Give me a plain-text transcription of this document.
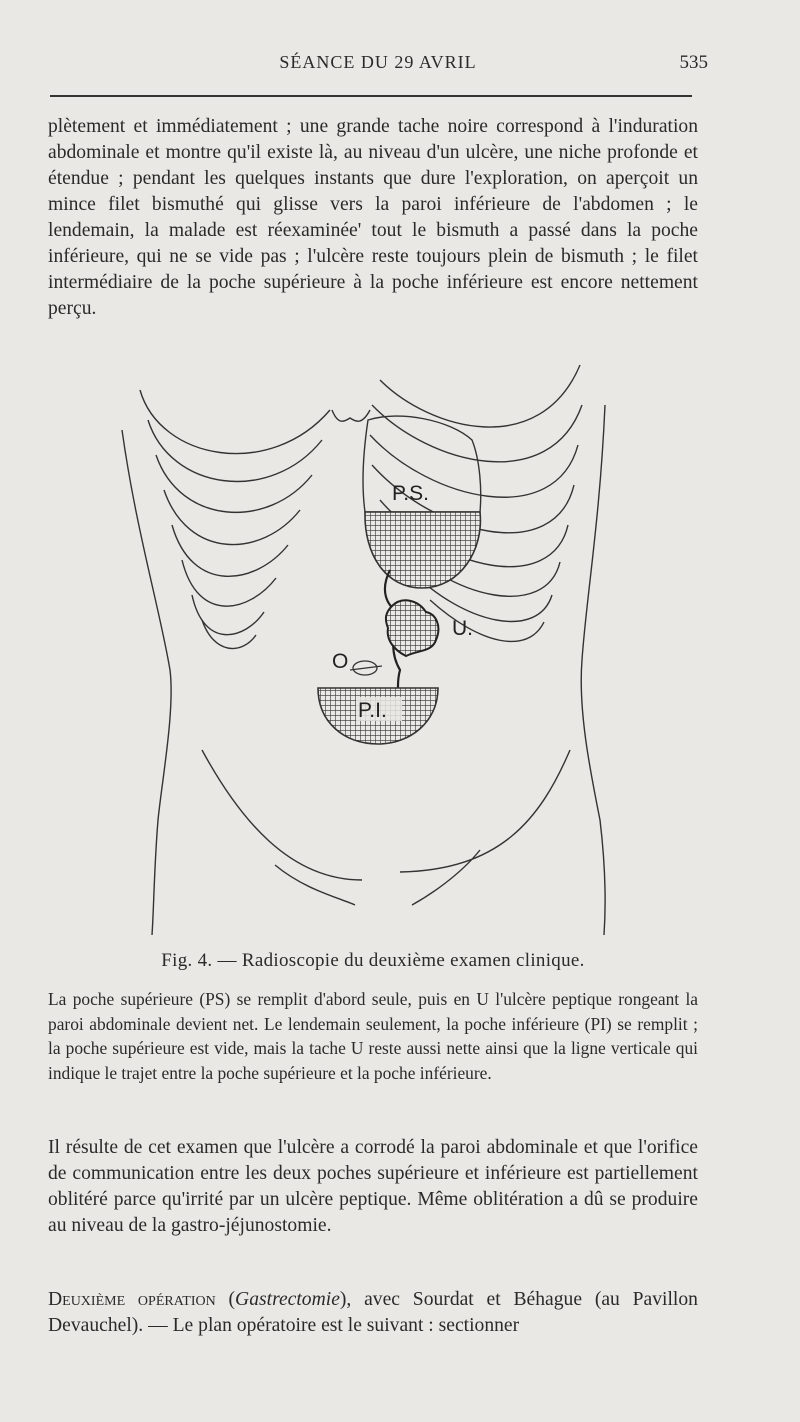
SÉANCE DU 29 AVRIL	535

plètement et immédiatement ; une grande tache noire correspond à l'induration abdominale et montre qu'il existe là, au niveau d'un ulcère, une niche profonde et étendue ; pendant les quelques instants que dure l'exploration, on aperçoit un mince filet bismuthé qui glisse vers la paroi inférieure de l'abdomen ; le lendemain, la malade est réexaminée' tout le bismuth a passé dans la poche inférieure, qui ne se vide pas ; l'ulcère reste toujours plein de bismuth ; le filet intermédiaire de la poche supérieure à la poche inférieure est encore nettement perçu.

P.S.
U.
O
P.I.
Fig. 4. — Radioscopie du deuxième examen clinique.

La poche supérieure (PS) se remplit d'abord seule, puis en U l'ulcère peptique rongeant la paroi abdominale devient net. Le lendemain seulement, la poche inférieure (PI) se remplit ; la poche supérieure est vide, mais la tache U reste aussi nette ainsi que la ligne verticale qui indique le trajet entre la poche supérieure et la poche inférieure.

Il résulte de cet examen que l'ulcère a corrodé la paroi abdominale et que l'orifice de communication entre les deux poches supérieure et inférieure est partiellement oblitéré parce qu'irrité par un ulcère peptique. Même oblitération a dû se produire au niveau de la gastro-jéjunostomie.

Deuxième opération (Gastrectomie), avec Sourdat et Béhague (au Pavillon Devauchel). — Le plan opératoire est le suivant : sectionner
